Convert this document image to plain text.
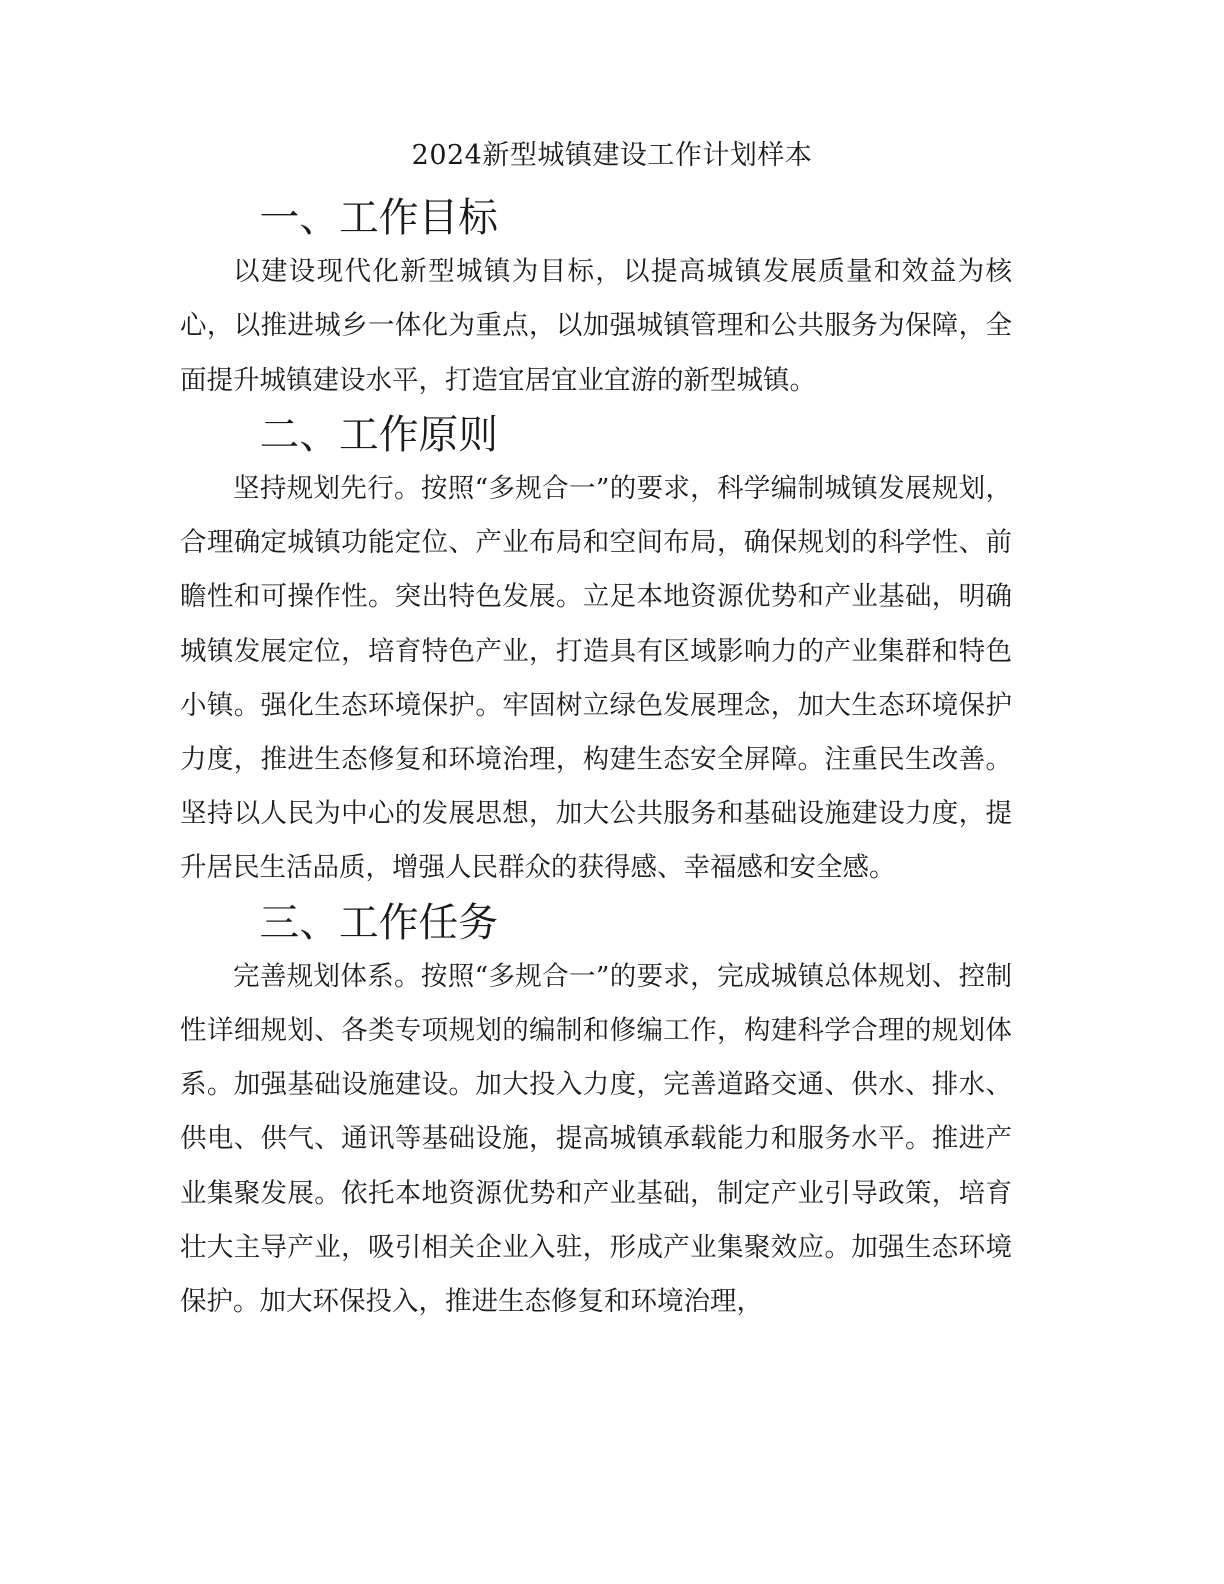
2024新型城镇建设工作计划样本
一、工作目标

以建设现代化新型城镇为目标，以提高城镇发展质量和效益为核心，以推进城乡一体化为重点，以加强城镇管理和公共服务为保障，全面提升城镇建设水平，打造宜居宜业宜游的新型城镇。

二、工作原则

坚持规划先行。按照“多规合一”的要求，科学编制城镇发展规划，合理确定城镇功能定位、产业布局和空间布局，确保规划的科学性、前瞻性和可操作性。突出特色发展。立足本地资源优势和产业基础，明确城镇发展定位，培育特色产业，打造具有区域影响力的产业集群和特色小镇。强化生态环境保护。牢固树立绿色发展理念，加大生态环境保护力度，推进生态修复和环境治理，构建生态安全屏障。注重民生改善。坚持以人民为中心的发展思想，加大公共服务和基础设施建设力度，提升居民生活品质，增强人民群众的获得感、幸福感和安全感。

三、工作任务

完善规划体系。按照“多规合一”的要求，完成城镇总体规划、控制性详细规划、各类专项规划的编制和修编工作，构建科学合理的规划体系。加强基础设施建设。加大投入力度，完善道路交通、供水、排水、供电、供气、通讯等基础设施，提高城镇承载能力和服务水平。推进产业集聚发展。依托本地资源优势和产业基础，制定产业引导政策，培育壮大主导产业，吸引相关企业入驻，形成产业集聚效应。加强生态环境保护。加大环保投入，推进生态修复和环境治理，
